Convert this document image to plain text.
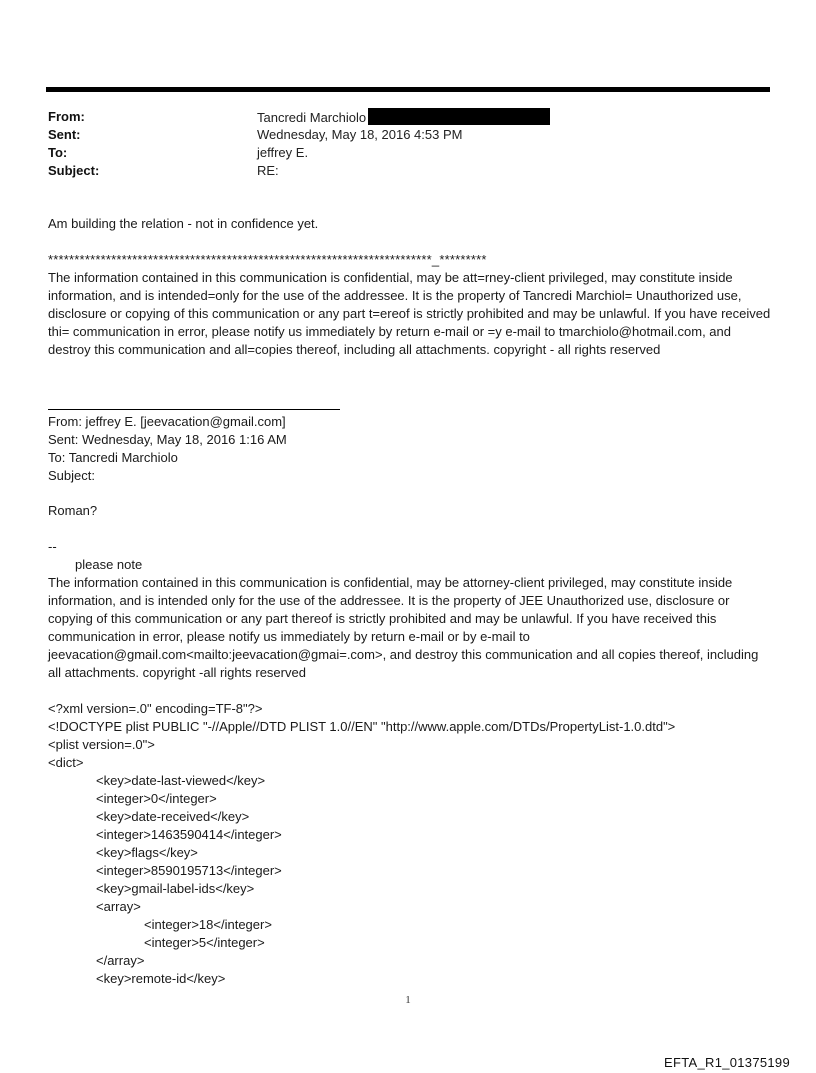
From:	Tancredi Marchiolo
Sent:	Wednesday, May 18, 2016 4:53 PM
To:	jeffrey E.
Subject:	RE:

Am building the relation - not in confidence yet.

*************************************************************************_*********

The information contained in this communication is confidential, may be att=rney-client privileged, may constitute inside information, and is intended=only for the use of the addressee. It is the property of Tancredi Marchiol= Unauthorized use, disclosure or copying of this communication or any part t=ereof is strictly prohibited and may be unlawful. If you have received thi= communication in error, please notify us immediately by return e-mail or =y e-mail to tmarchiolo@hotmail.com, and destroy this communication and all=copies thereof, including all attachments. copyright - all rights reserved

From: jeffrey E. [jeevacation@gmail.com]

Sent: Wednesday, May 18, 2016 1:16 AM

To: Tancredi Marchiolo

Subject:

Roman?

--

please note

The information contained in this communication is confidential, may be attorney-client privileged, may constitute inside information, and is intended only for the use of the addressee. It is the property of JEE Unauthorized use, disclosure or copying of this communication or any part thereof is strictly prohibited and may be unlawful. If you have received this communication in error, please notify us immediately by return e-mail or by e-mail to jeevacation@gmail.com<mailto:jeevacation@gmai=.com>, and destroy this communication and all copies thereof, including all attachments. copyright -all rights reserved

<?xml version=.0" encoding=TF-8"?>
<!DOCTYPE plist PUBLIC "-//Apple//DTD PLIST 1.0//EN" "http://www.apple.com/DTDs/PropertyList-1.0.dtd">
<plist version=.0">
<dict>
<key>date-last-viewed</key>
<integer>0</integer>
<key>date-received</key>
<integer>1463590414</integer>
<key>flags</key>
<integer>8590195713</integer>
<key>gmail-label-ids</key>
<array>
<integer>18</integer>
<integer>5</integer>
</array>
<key>remote-id</key>
1
EFTA_R1_01375199
